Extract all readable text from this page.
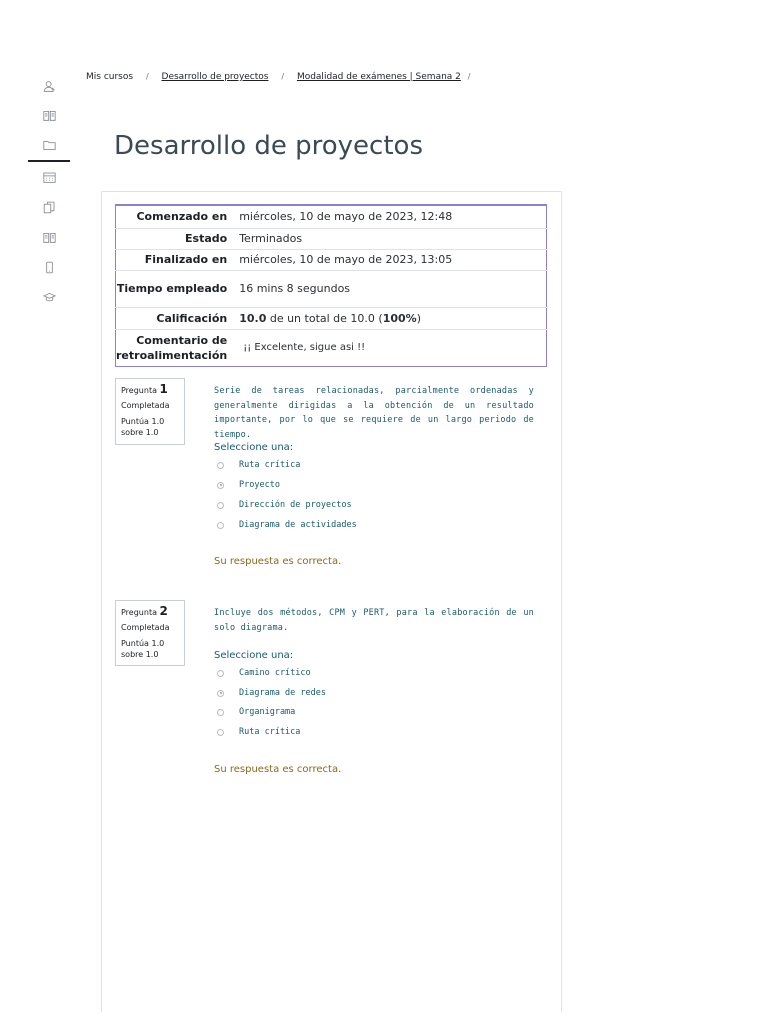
Mis cursos / Desarrollo de proyectos / Modalidad de exámenes | Semana 2 /
Desarrollo de proyectos
Comenzado en	miércoles, 10 de mayo de 2023, 12:48
Estado	Terminados
Finalizado en	miércoles, 10 de mayo de 2023, 13:05
Tiempo empleado	16 mins 8 segundos
Calificación	10.0 de un total de 10.0 (100%)
Comentario de retroalimentación	¡¡ Excelente, sigue asi !!
Pregunta 1
Completada
Puntúa 1.0 sobre 1.0
Serie de tareas relacionadas, parcialmente ordenadas y generalmente dirigidas a la obtención de un resultado importante, por lo que se requiere de un largo periodo de tiempo.
Seleccione una:
Ruta crítica
Proyecto
Dirección de proyectos
Diagrama de actividades
Su respuesta es correcta.
Pregunta 2
Completada
Puntúa 1.0 sobre 1.0
Incluye dos métodos, CPM y PERT, para la elaboración de un solo diagrama.
Seleccione una:
Camino crítico
Diagrama de redes
Organigrama
Ruta crítica
Su respuesta es correcta.
